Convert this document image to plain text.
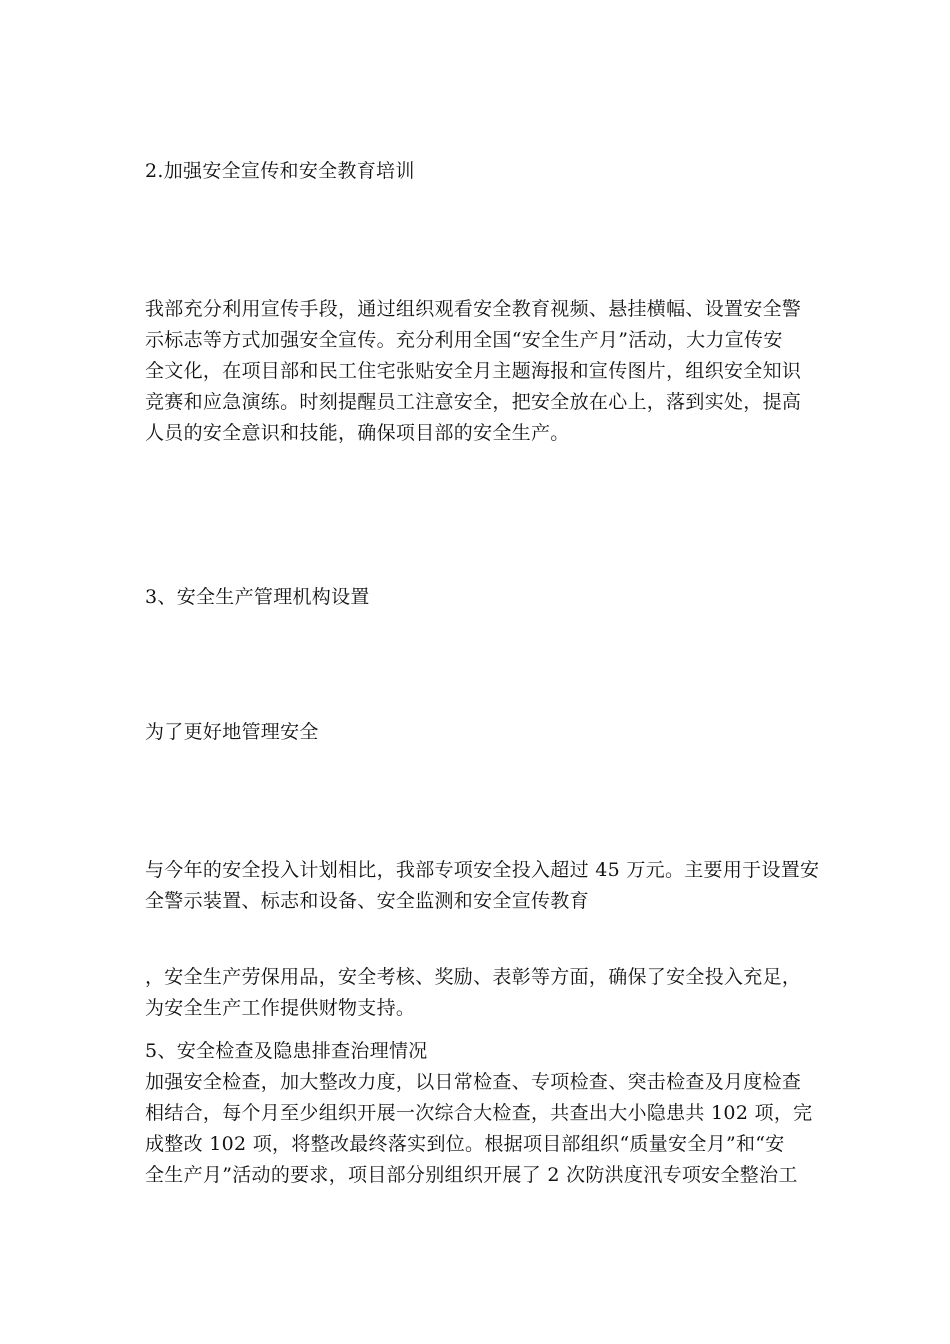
2.加强安全宣传和安全教育培训
我部充分利用宣传手段，通过组织观看安全教育视频、悬挂横幅、设置安全警
示标志等方式加强安全宣传。充分利用全国“安全生产月”活动，大力宣传安
全文化，在项目部和民工住宅张贴安全月主题海报和宣传图片，组织安全知识
竞赛和应急演练。时刻提醒员工注意安全，把安全放在心上，落到实处，提高
人员的安全意识和技能，确保项目部的安全生产。
3、安全生产管理机构设置
为了更好地管理安全
与今年的安全投入计划相比，我部专项安全投入超过 45 万元。主要用于设置安
全警示装置、标志和设备、安全监测和安全宣传教育
，安全生产劳保用品，安全考核、奖励、表彰等方面，确保了安全投入充足，
为安全生产工作提供财物支持。
5、安全检查及隐患排查治理情况
加强安全检查，加大整改力度，以日常检查、专项检查、突击检查及月度检查
相结合，每个月至少组织开展一次综合大检查，共查出大小隐患共 102 项，完
成整改 102 项，将整改最终落实到位。根据项目部组织“质量安全月”和“安
全生产月”活动的要求，项目部分别组织开展了 2 次防洪度汛专项安全整治工
